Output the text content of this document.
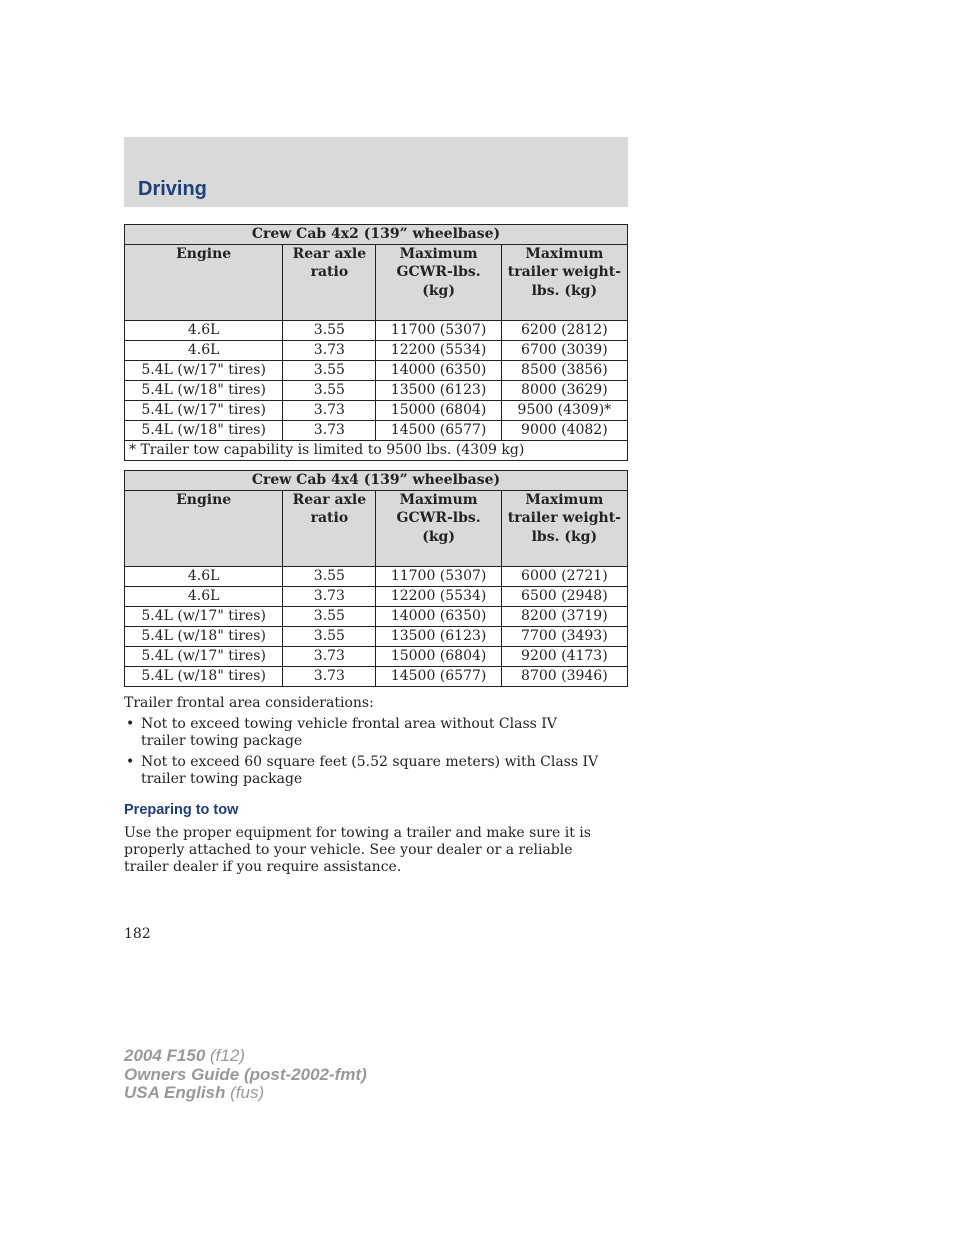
Driving
Crew Cab 4x2 (139” wheelbase)			
Engine	Rear axle ratio	Maximum GCWR-lbs. (kg)	Maximum trailer weight-lbs. (kg)
4.6L	3.55	11700 (5307)	6200 (2812)
4.6L	3.73	12200 (5534)	6700 (3039)
5.4L (w/17" tires)	3.55	14000 (6350)	8500 (3856)
5.4L (w/18" tires)	3.55	13500 (6123)	8000 (3629)
5.4L (w/17" tires)	3.73	15000 (6804)	9500 (4309)*
5.4L (w/18" tires)	3.73	14500 (6577)	9000 (4082)
* Trailer tow capability is limited to 9500 lbs. (4309 kg)			
Crew Cab 4x4 (139” wheelbase)			
Engine	Rear axle ratio	Maximum GCWR-lbs. (kg)	Maximum trailer weight-lbs. (kg)
4.6L	3.55	11700 (5307)	6000 (2721)
4.6L	3.73	12200 (5534)	6500 (2948)
5.4L (w/17" tires)	3.55	14000 (6350)	8200 (3719)
5.4L (w/18" tires)	3.55	13500 (6123)	7700 (3493)
5.4L (w/17" tires)	3.73	15000 (6804)	9200 (4173)
5.4L (w/18" tires)	3.73	14500 (6577)	8700 (3946)
Trailer frontal area considerations:
• Not to exceed towing vehicle frontal area without Class IV trailer towing package
• Not to exceed 60 square feet (5.52 square meters) with Class IV trailer towing package
Preparing to tow
Use the proper equipment for towing a trailer and make sure it is properly attached to your vehicle. See your dealer or a reliable trailer dealer if you require assistance.
182
2004 F150 (f12)
Owners Guide (post-2002-fmt)
USA English (fus)
